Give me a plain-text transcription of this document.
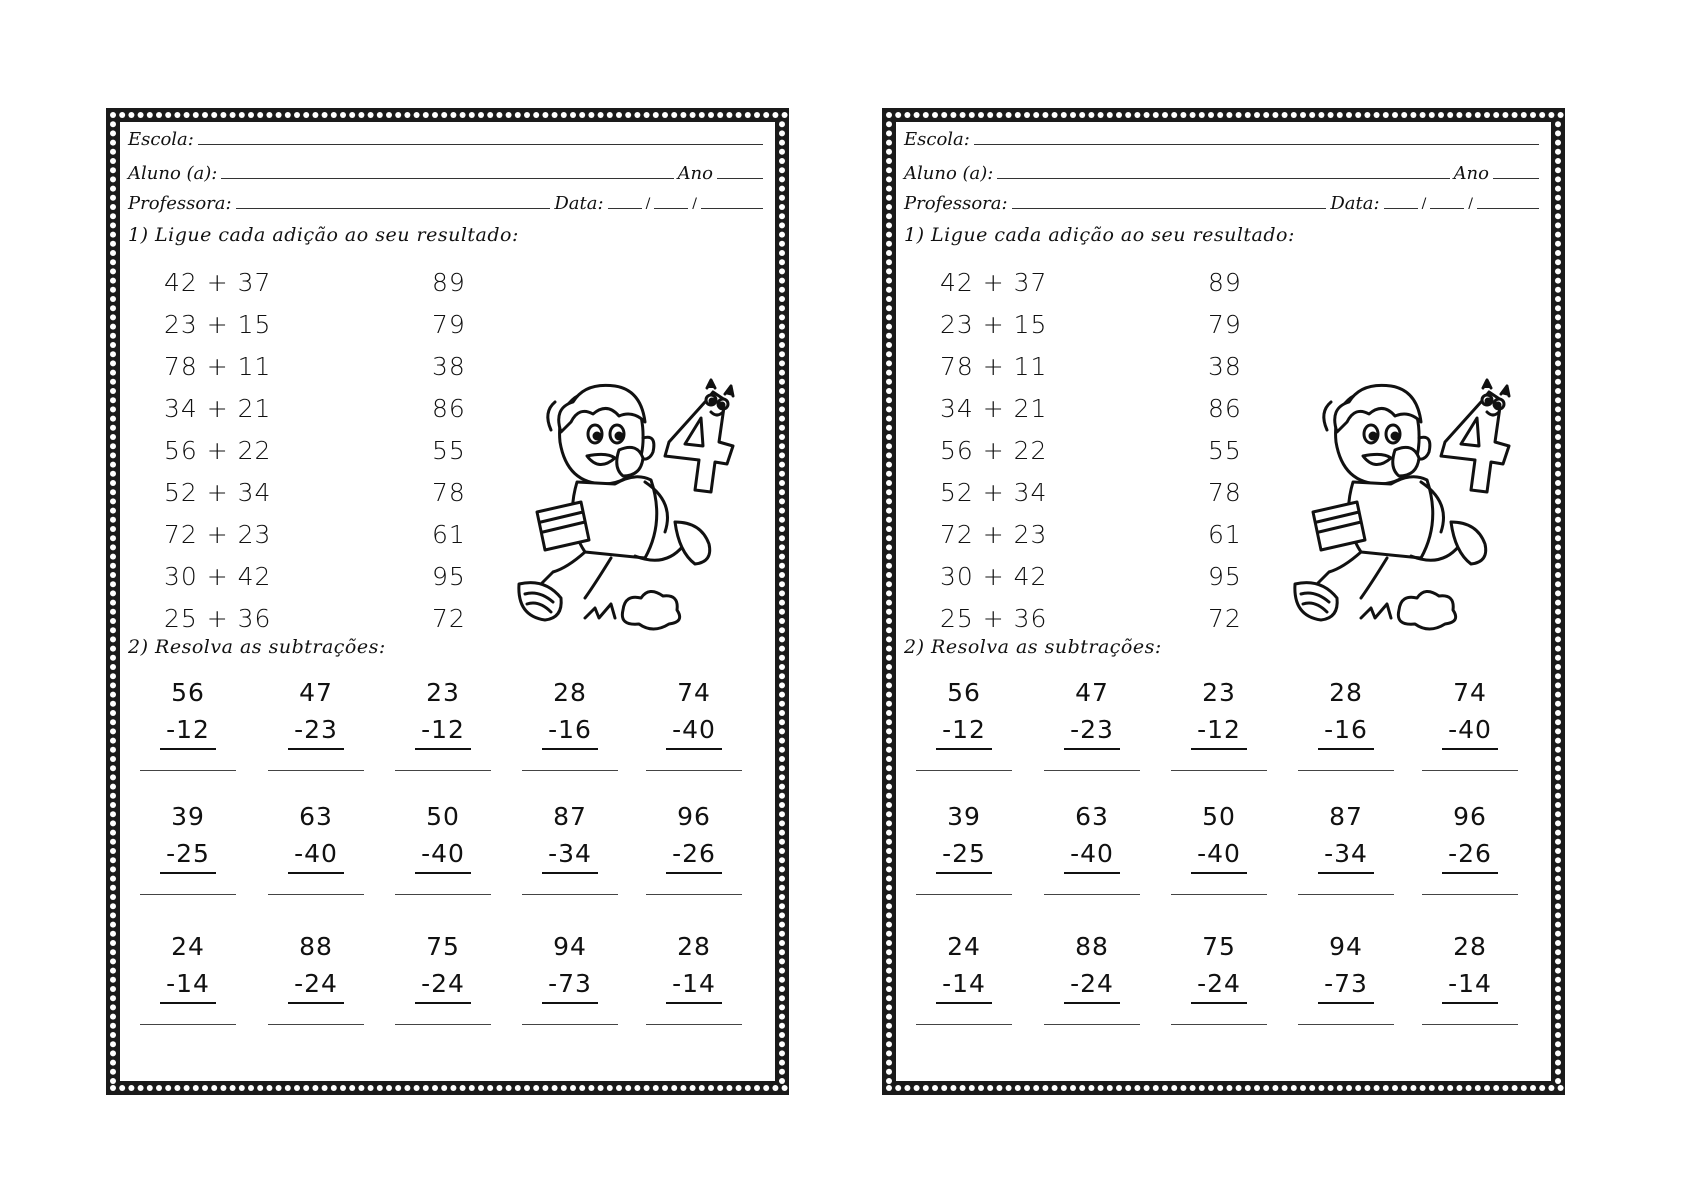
Escola:
Aluno (a):	Ano
Professora:	Data:	/	/
1) Ligue cada adição ao seu resultado:
42 + 37
23 + 15
78 + 11
34 + 21
56 + 22
52 + 34
72 + 23
30 + 42
25 + 36
89
79
38
86
55
78
61
95
72
2) Resolva as subtrações:
56
-12
47
-23
23
-12
28
-16
74
-40
39
-25
63
-40
50
-40
87
-34
96
-26
24
-14
88
-24
75
-24
94
-73
28
-14
Escola:
Aluno (a):	Ano
Professora:	Data:	/	/
1) Ligue cada adição ao seu resultado:
42 + 37
23 + 15
78 + 11
34 + 21
56 + 22
52 + 34
72 + 23
30 + 42
25 + 36
89
79
38
86
55
78
61
95
72
2) Resolva as subtrações:
56
-12
47
-23
23
-12
28
-16
74
-40
39
-25
63
-40
50
-40
87
-34
96
-26
24
-14
88
-24
75
-24
94
-73
28
-14
